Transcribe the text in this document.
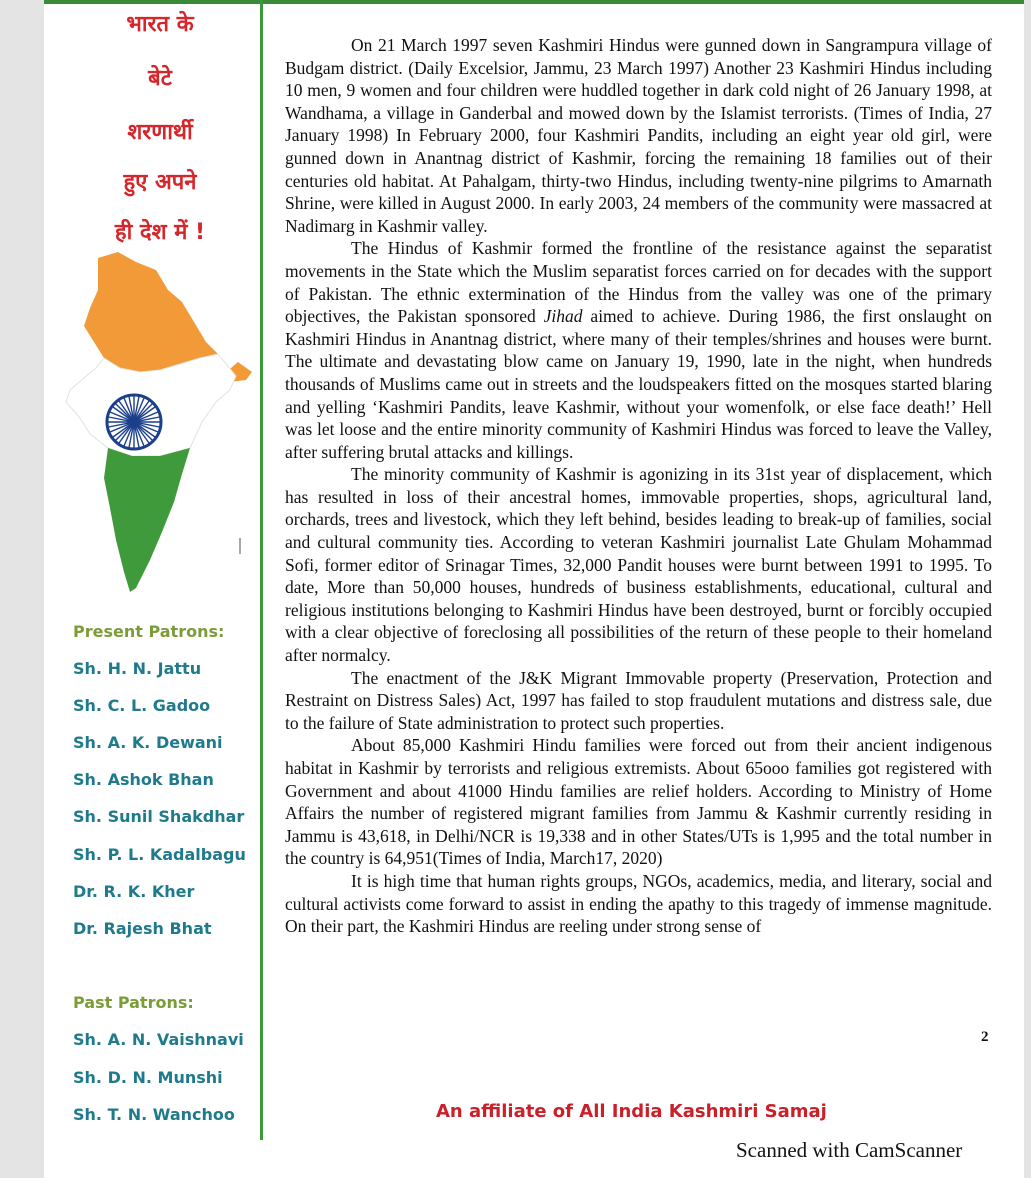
भारत के
बेटे
शरणार्थी
हुए अपने
ही देश में !
Present Patrons:
Sh. H. N. Jattu
Sh. C. L. Gadoo
Sh. A. K. Dewani
Sh. Ashok Bhan
Sh. Sunil Shakdhar
Sh. P. L. Kadalbagu
Dr. R. K. Kher
Dr. Rajesh Bhat
Past Patrons:
Sh. A. N. Vaishnavi
Sh. D. N. Munshi
Sh. T. N. Wanchoo

On 21 March 1997 seven Kashmiri Hindus were gunned down in Sangrampura village of Budgam district. (Daily Excelsior, Jammu, 23 March 1997) Another 23 Kashmiri Hindus including 10 men, 9 women and four children were huddled together in dark cold night of 26 January 1998, at Wandhama, a village in Ganderbal and mowed down by the Islamist terrorists. (Times of India, 27 January 1998) In February 2000, four Kashmiri Pandits, including an eight year old girl, were gunned down in Anantnag district of Kashmir, forcing the remaining 18 families out of their centuries old habitat. At Pahalgam, thirty-two Hindus, including twenty-nine pilgrims to Amarnath Shrine, were killed in August 2000. In early 2003, 24 members of the community were massacred at Nadimarg in Kashmir valley.

The Hindus of Kashmir formed the frontline of the resistance against the separatist movements in the State which the Muslim separatist forces carried on for decades with the support of Pakistan. The ethnic extermination of the Hindus from the valley was one of the primary objectives, the Pakistan sponsored Jihad aimed to achieve. During 1986, the first onslaught on Kashmiri Hindus in Anantnag district, where many of their temples/shrines and houses were burnt. The ultimate and devastating blow came on January 19, 1990, late in the night, when hundreds thousands of Muslims came out in streets and the loudspeakers fitted on the mosques started blaring and yelling ‘Kashmiri Pandits, leave Kashmir, without your womenfolk, or else face death!’ Hell was let loose and the entire minority community of Kashmiri Hindus was forced to leave the Valley, after suffering brutal attacks and killings.

The minority community of Kashmir is agonizing in its 31st year of displacement, which has resulted in loss of their ancestral homes, immovable properties, shops, agricultural land, orchards, trees and livestock, which they left behind, besides leading to break-up of families, social and cultural community ties. According to veteran Kashmiri journalist Late Ghulam Mohammad Sofi, former editor of Srinagar Times, 32,000 Pandit houses were burnt between 1991 to 1995. To date, More than 50,000 houses, hundreds of business establishments, educational, cultural and religious institutions belonging to Kashmiri Hindus have been destroyed, burnt or forcibly occupied with a clear objective of foreclosing all possibilities of the return of these people to their homeland after normalcy.

The enactment of the J&K Migrant Immovable property (Preservation, Protection and Restraint on Distress Sales) Act, 1997 has failed to stop fraudulent mutations and distress sale, due to the failure of State administration to protect such properties.

About 85,000 Kashmiri Hindu families were forced out from their ancient indigenous habitat in Kashmir by terrorists and religious extremists. About 65ooo families got registered with Government and about 41000 Hindu families are relief holders. According to Ministry of Home Affairs the number of registered migrant families from Jammu & Kashmir currently residing in Jammu is 43,618, in Delhi/NCR is 19,338 and in other States/UTs is 1,995 and the total number in the country is 64,951(Times of India, March17, 2020)

It is high time that human rights groups, NGOs, academics, media, and literary, social and cultural activists come forward to assist in ending the apathy to this tragedy of immense magnitude. On their part, the Kashmiri Hindus are reeling under strong sense of

2
An affiliate of All India Kashmiri Samaj
Scanned with CamScanner
